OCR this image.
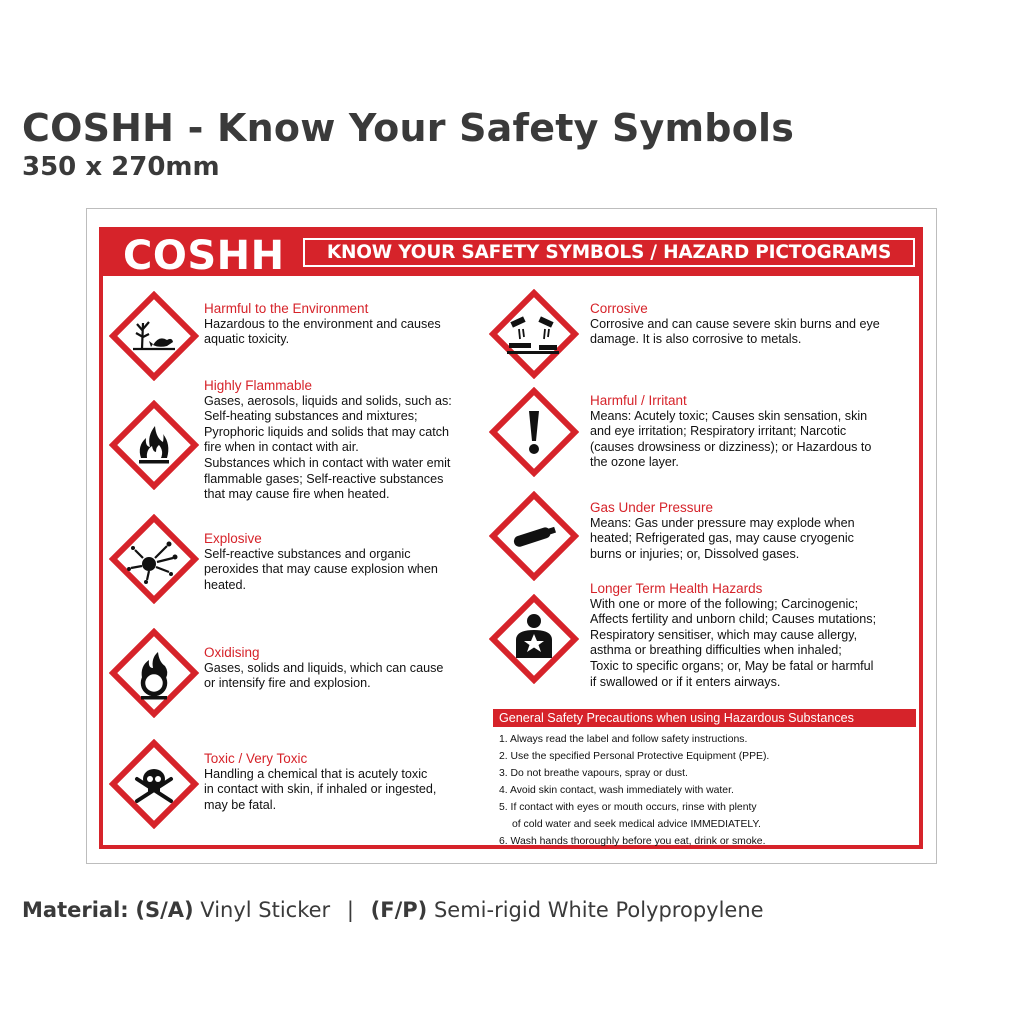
COSHH - Know Your Safety Symbols
350 x 270mm
COSHH	KNOW YOUR SAFETY SYMBOLS / HAZARD PICTOGRAMS
Harmful to the Environment
Hazardous to the environment and causes
aquatic toxicity.
Highly Flammable
Gases, aerosols, liquids and solids, such as:
Self-heating substances and mixtures;
Pyrophoric liquids and solids that may catch
fire when in contact with air.
Substances which in contact with water emit
flammable gases; Self-reactive substances
that may cause fire when heated.
Explosive
Self-reactive substances and organic
peroxides that may cause explosion when
heated.
Oxidising
Gases, solids and liquids, which can cause
or intensify fire and explosion.
Toxic / Very Toxic
Handling a chemical that is acutely toxic
in contact with skin, if inhaled or ingested,
may be fatal.
Corrosive
Corrosive and can cause severe skin burns and eye
damage. It is also corrosive to metals.
Harmful / Irritant
Means: Acutely toxic; Causes skin sensation, skin
and eye irritation; Respiratory irritant; Narcotic
(causes drowsiness or dizziness); or Hazardous to
the ozone layer.
Gas Under Pressure
Means: Gas under pressure may explode when
heated; Refrigerated gas, may cause cryogenic
burns or injuries; or, Dissolved gases.
Longer Term Health Hazards
With one or more of the following; Carcinogenic;
Affects fertility and unborn child; Causes mutations;
Respiratory sensitiser, which may cause allergy,
asthma or breathing difficulties when inhaled;
Toxic to specific organs; or, May be fatal or harmful
if swallowed or if it enters airways.
General Safety Precautions when using Hazardous Substances
1. Always read the label and follow safety instructions.
2. Use the specified Personal Protective Equipment (PPE).
3. Do not breathe vapours, spray or dust.
4. Avoid skin contact, wash immediately with water.
5. If contact with eyes or mouth occurs, rinse with plenty
of cold water and seek medical advice IMMEDIATELY.
6. Wash hands thoroughly before you eat, drink or smoke.
Material: (S/A) Vinyl Sticker | (F/P) Semi-rigid White Polypropylene
